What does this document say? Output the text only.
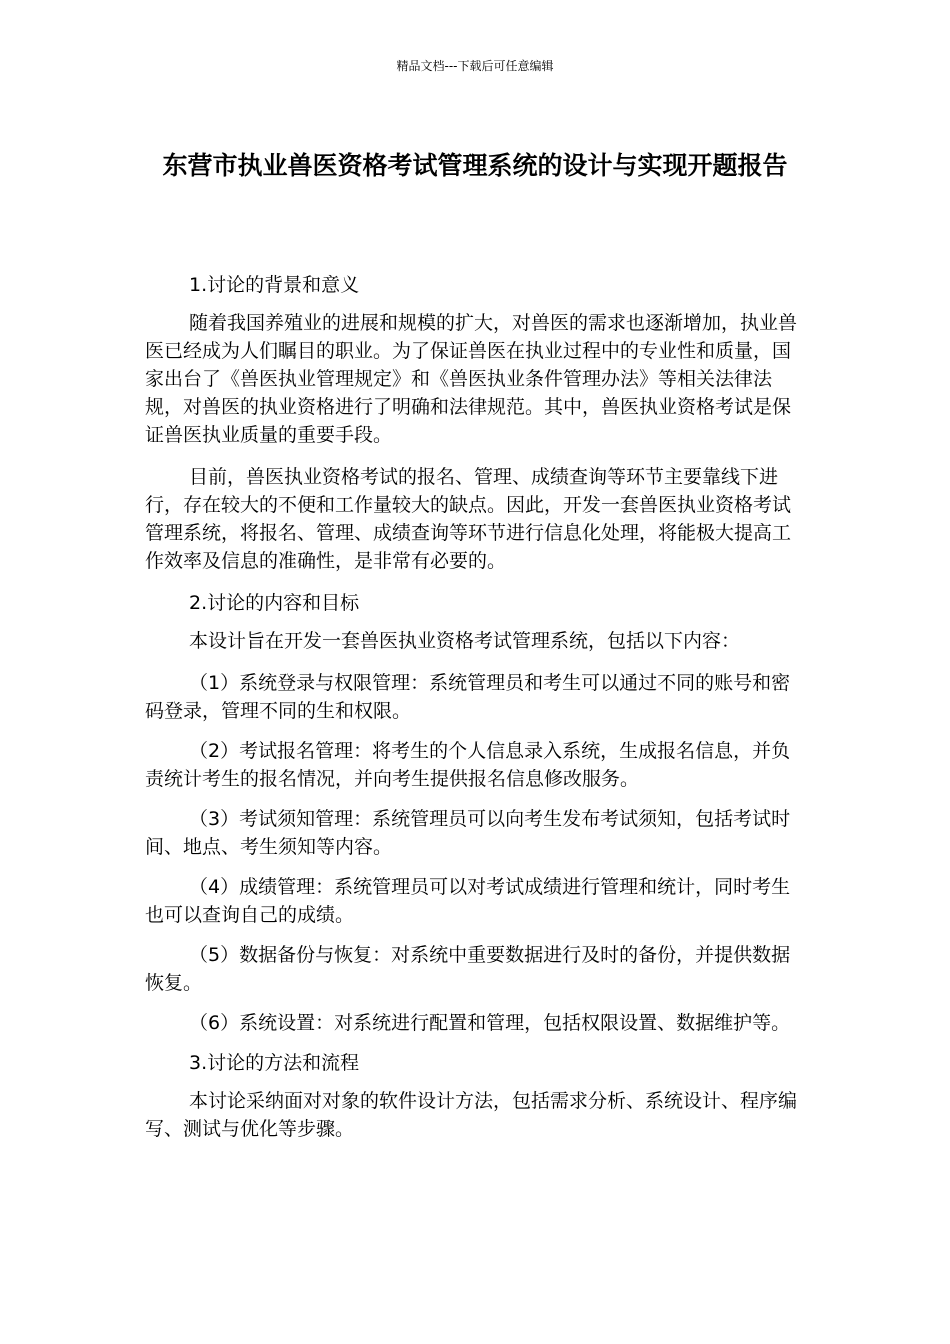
精品文档---下载后可任意编辑
东营市执业兽医资格考试管理系统的设计与实现开题报告

1.讨论的背景和意义

随着我国养殖业的进展和规模的扩大，对兽医的需求也逐渐增加，执业兽医已经成为人们瞩目的职业。为了保证兽医在执业过程中的专业性和质量，国家出台了《兽医执业管理规定》和《兽医执业条件管理办法》等相关法律法规，对兽医的执业资格进行了明确和法律规范。其中，兽医执业资格考试是保证兽医执业质量的重要手段。

目前，兽医执业资格考试的报名、管理、成绩查询等环节主要靠线下进行，存在较大的不便和工作量较大的缺点。因此，开发一套兽医执业资格考试管理系统，将报名、管理、成绩查询等环节进行信息化处理，将能极大提高工作效率及信息的准确性，是非常有必要的。

2.讨论的内容和目标

本设计旨在开发一套兽医执业资格考试管理系统，包括以下内容：

（1）系统登录与权限管理：系统管理员和考生可以通过不同的账号和密码登录，管理不同的生和权限。

（2）考试报名管理：将考生的个人信息录入系统，生成报名信息，并负责统计考生的报名情况，并向考生提供报名信息修改服务。

（3）考试须知管理：系统管理员可以向考生发布考试须知，包括考试时间、地点、考生须知等内容。

（4）成绩管理：系统管理员可以对考试成绩进行管理和统计，同时考生也可以查询自己的成绩。

（5）数据备份与恢复：对系统中重要数据进行及时的备份，并提供数据恢复。

（6）系统设置：对系统进行配置和管理，包括权限设置、数据维护等。

3.讨论的方法和流程

本讨论采纳面对对象的软件设计方法，包括需求分析、系统设计、程序编写、测试与优化等步骤。
